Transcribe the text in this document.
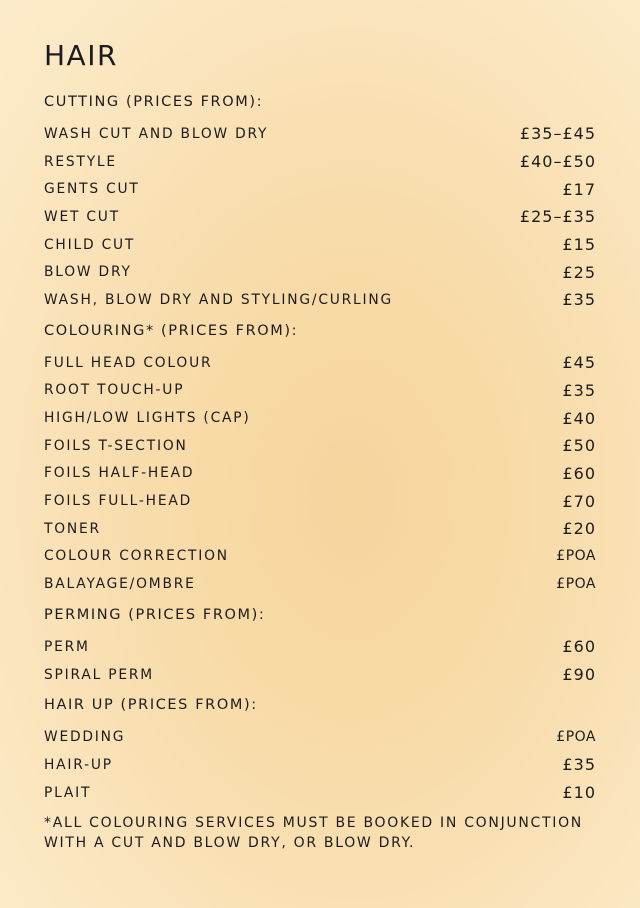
HAIR
CUTTING (PRICES FROM):
WASH CUT AND BLOW DRY	£35–£45
RESTYLE	£40–£50
GENTS CUT	£17
WET CUT	£25–£35
CHILD CUT	£15
BLOW DRY	£25
WASH, BLOW DRY AND STYLING/CURLING	£35
COLOURING* (PRICES FROM):
FULL HEAD COLOUR	£45
ROOT TOUCH-UP	£35
HIGH/LOW LIGHTS (CAP)	£40
FOILS T-SECTION	£50
FOILS HALF-HEAD	£60
FOILS FULL-HEAD	£70
TONER	£20
COLOUR CORRECTION	£POA
BALAYAGE/OMBRE	£POA
PERMING (PRICES FROM):
PERM	£60
SPIRAL PERM	£90
HAIR UP (PRICES FROM):
WEDDING	£POA
HAIR-UP	£35
PLAIT	£10
*ALL COLOURING SERVICES MUST BE BOOKED IN CONJUNCTION WITH A CUT AND BLOW DRY, OR BLOW DRY.
